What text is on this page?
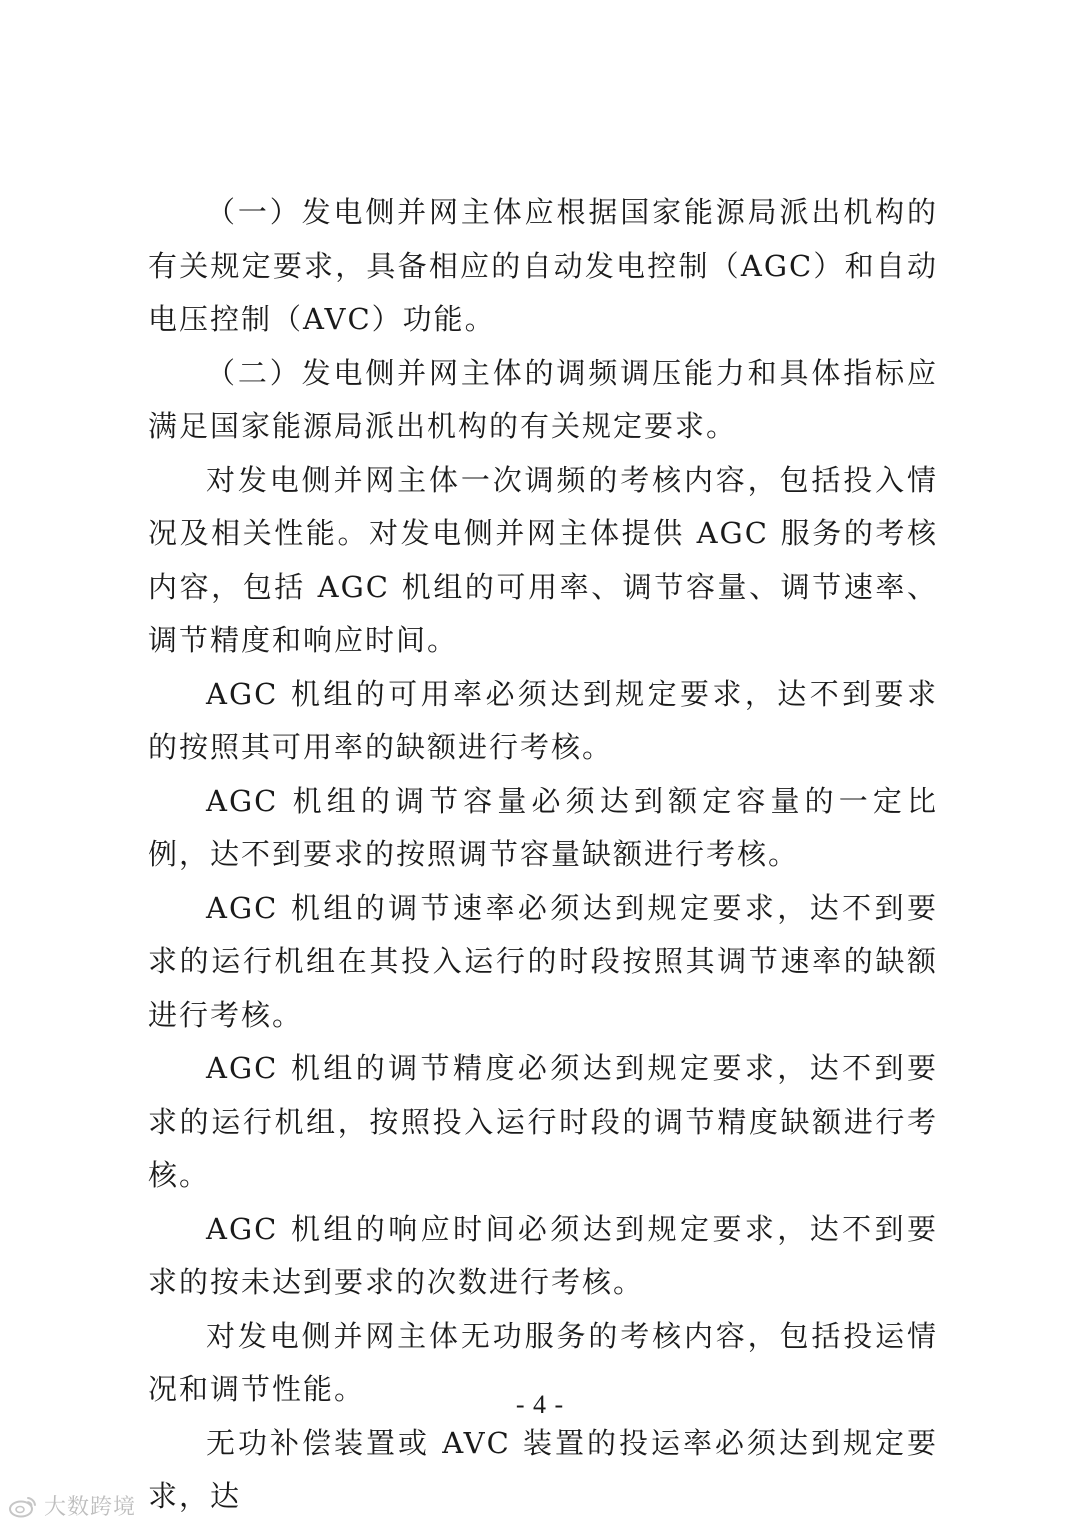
（一）发电侧并网主体应根据国家能源局派出机构的有关规定要求，具备相应的自动发电控制（AGC）和自动电压控制（AVC）功能。

（二）发电侧并网主体的调频调压能力和具体指标应满足国家能源局派出机构的有关规定要求。

对发电侧并网主体一次调频的考核内容，包括投入情况及相关性能。对发电侧并网主体提供 AGC 服务的考核内容，包括 AGC 机组的可用率、调节容量、调节速率、调节精度和响应时间。

AGC 机组的可用率必须达到规定要求，达不到要求的按照其可用率的缺额进行考核。

AGC 机组的调节容量必须达到额定容量的一定比例，达不到要求的按照调节容量缺额进行考核。

AGC 机组的调节速率必须达到规定要求，达不到要求的运行机组在其投入运行的时段按照其调节速率的缺额进行考核。

AGC 机组的调节精度必须达到规定要求，达不到要求的运行机组，按照投入运行时段的调节精度缺额进行考核。

AGC 机组的响应时间必须达到规定要求，达不到要求的按未达到要求的次数进行考核。

对发电侧并网主体无功服务的考核内容，包括投运情况和调节性能。

无功补偿装置或 AVC 装置的投运率必须达到规定要求，达

- 4 -
大数跨境
